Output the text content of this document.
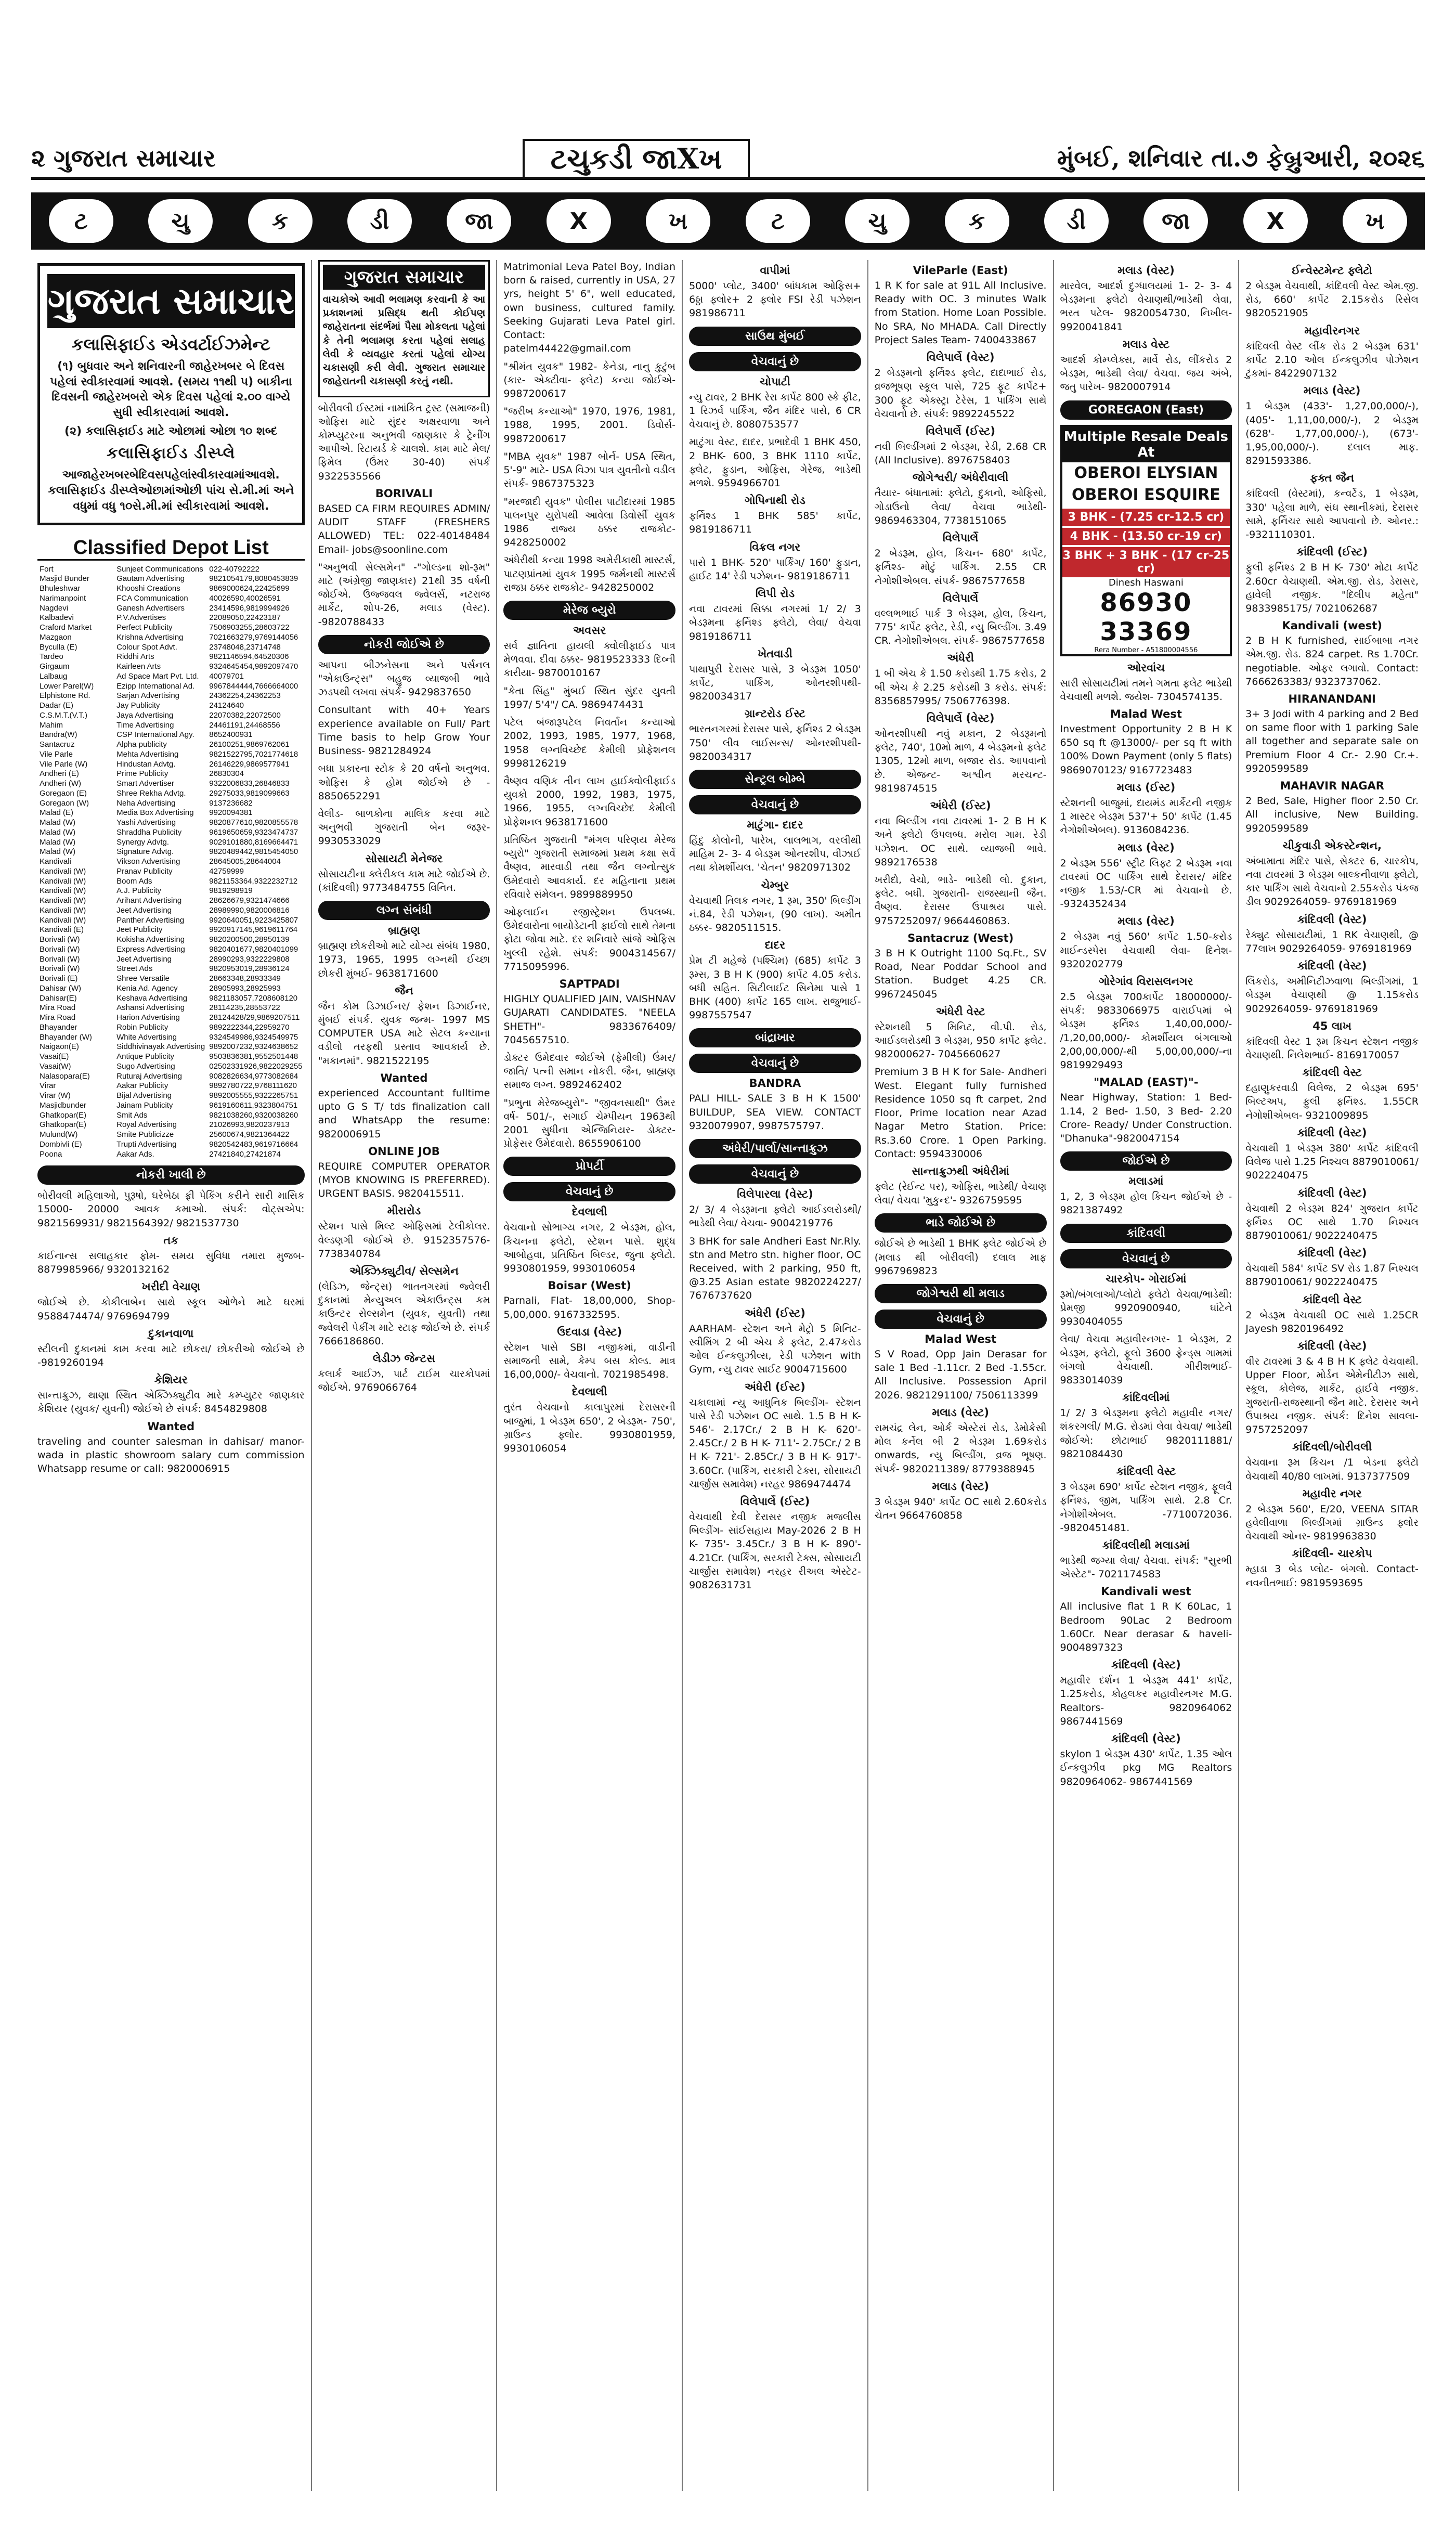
૨ ગુજરાત સમાચાર	ટચુકડી જાXખ	મુંબઈ, શનિવાર તા.૭ ફેબ્રુઆરી, ૨૦૨૬
ટ	ચુ	ક	ડી	જા	X	ખ	ટ	ચુ	ક	ડી	જા	X	ખ
ગુજરાત સમાચાર
કલાસિફાઈડ એડવર્ટાઈઝમેન્ટ
(૧) બુધવાર અને શનિવારની જાહેરખબર બે દિવસ પહેલાં સ્વીકારવામાં આવશે. (સમય ૧૧થી ૫) બાકીના દિવસની જાહેરખબરો એક દિવસ પહેલાં ૨.૦૦ વાગ્યે સુધી સ્વીકારવામાં આવશે.
(૨) કલાસિફાઈડ માટે ઓછામાં ઓછા ૧૦ શબ્દ
કલાસિફાઈડ ડીસ્પ્લે
આજાહેરખબરબેદિવસપહેલાંસ્વીકારવામાંઆવશે. કલાસિફાઈડ ડીસ્પ્લેઓછામાંઓછી પાંચ સે.મી.માં અને વધુમાં વધુ ૧૦સે.મી.માં સ્વીકારવામાં આવશે.
Classified Depot List
Fort	Sunjeet Communications	022-40792222
Masjid Bunder	Gautam Advertising	9821054179,8080453839
Bhuleshwar	Khooshi Creations	9869000624,22425699
Narimanpoint	FCA Communication	40026590,40026591
Nagdevi	Ganesh Advertisers	23414596,9819994926
Kalbadevi	P.V.Advertises	22089050,22423187
Craford Market	Perfect Publicity	7506903255,28603722
Mazgaon	Krishna Advertising	7021663279,9769144056
Byculla (E)	Colour Spot Advt.	23748048,23714748
Tardeo	Riddhi Arts	9821146594,64520306
Girgaum	Kairleen Arts	9324645454,9892097470
Lalbaug	Ad Space Mart Pvt. Ltd.	40079701
Lower Parel(W)	Ezipp International Ad.	9967844444,7666664000
Elphistone Rd.	Sarjan Advertising	24362254,24362253
Dadar (E)	Jay Publicity	24124640
C.S.M.T.(V.T.)	Jaya Advertising	22070382,22072500
Mahim	Time Advertising	24461191,24468556
Bandra(W)	CSP International Agy.	8652400931
Santacruz	Alpha publicity	26100251,9869762061
Vile Parle	Mehta Advertising	9821522795,7021774618
Vile Parle (W)	Hindustan Advtg.	26146229,9869577941
Andheri (E)	Prime Publicity	26830304
Andheri (W)	Smart Advertiser	9322006833,26846833
Goregaon (E)	Shree Rekha Advtg.	29275033,9819099663
Goregaon (W)	Neha Advertising	9137236682
Malad (E)	Media Box Advertising	9920094381
Malad (W)	Yashi Advertising	9820877610,9820855578
Malad (W)	Shraddha Publicity	9619650659,9323474737
Malad (W)	Synergy Advtg.	9029101880,8169664471
Malad (W)	Signature Advtg.	9820489442,9815454050
Kandivali	Vikson Advertising	28645005,28644004
Kandivali (W)	Pranav Publicity	42759999
Kandivali (W)	Boom Ads	9821153364,9322232712
Kandivali (W)	A.J. Publicity	9819298919
Kandivali (W)	Arihant Advertising	28626679,9321474666
Kandivali (W)	Jeet Advertising	28989990,9820006816
Kandivali (W)	Panther Advertising	9920640051,9223425807
Kandivali (E)	Jeet Publicity	9920917145,9619611764
Borivali (W)	Kokisha Advertising	9820200500,28950139
Borivali (W)	Express Advertising	9820401677,9820401099
Borivali (W)	Jeet Advertising	28990293,9322229808
Borivali (W)	Street Ads	9820953019,28936124
Borivali (E)	Shree Versatile	28663348,28933349
Dahisar (W)	Kenia Ad. Agency	28905993,28925993
Dahisar(E)	Keshava Advertising	9821183057,7208608120
Mira Road	Ashansi Advertising	28114235,28553722
Mira Road	Harion Advertising	28124428/29,9869207511
Bhayander	Robin Publicity	9892222344,22959270
Bhayander (W)	White Advertising	9324549986,9324549975
Naigaon(E)	Siddhivinayak Advertising	9892007232,9324638652
Vasai(E)	Antique Publicity	9503836381,9552501448
Vasai(W)	Sugo Advertising	02502331926,9822029255
Nalasopara(E)	Ruturaj Advertising	9082826634,9773082684
Virar	Aakar Publicity	9892780722,9768111620
Virar (W)	Bijal Advertising	9892005555,9322265751
Masjidbunder	Jainam Publicity	9619160611,9323804751
Ghatkopar(E)	Smit Ads	9821038260,9320038260
Ghatkopar(E)	Royal Advertising	21026993,9820237913
Mulund(W)	Smite Publicizze	25600674,9821364422
Dombivli (E)	Trupti Advertising	9820542483,9619716664
Poona	Aakar Ads.	27421840,27421874
નોકરી ખાલી છે
બોરીવલી મહિલાઓ, પુરૂષો, ઘરેબેઠા ફ્રી પેકિંગ કરીને સારી માસિક 15000- 20000 આવક કમાઓ. સંપર્ક: વોટ્સએપ: 9821569931/ 9821564392/ 9821537730
તક
કાઈનાન્સ સલાહકાર ફોમ- સમય સુવિધા તમારા મુજબ- 8879985966/ 9320132162
ખરીદી વેચાણ
જોઈએ છે. કોકીલાબેન સાથે સ્કૂલ ઓળેને માટે ઘરમાં 9588474474/ 9769694799
દુકાનવાળા
સ્ટીલની દુકાનમાં કામ કરવા માટે છોકરા/ છોકરીઓ જોઈએ છે -9819260194
કેશિયર
સાન્તાક્રુઝ, થાણા સ્થિત એક્ઝિક્યુટીવ મારે કમ્પ્યુટર જાણકાર કેશિયર (યુવક/ યુવતી) જોઈએ છે સંપર્ક: 8454829808
Wanted
traveling and counter salesman in dahisar/ manor-wada in plastic showroom salary cum commission Whatsapp resume or call: 9820006915
ગુજરાત સમાચાર
વાચકોએ આવી ભલામણ કરવાની કે આ પ્રકાશનમાં પ્રસિદ્ધ થતી કોઈપણ જાહેરાતના સંદર્ભમાં પૈસા મોકલતા પહેલાં કે તેની ભલામણ કરતા પહેલાં સલાહ લેવી કે વ્યવહાર કરતાં પહેલાં યોગ્ય ચકાસણી કરી લેવી. ગુજરાત સમાચાર જાહેરાતની ચકાસણી કરતું નથી.
બોરીવલી ઈસ્ટમાં નામાંકિત ટ્રસ્ટ (સમાજની) ઓફિસ માટે સુંદર અક્ષરવાળા અને કોમ્પ્યુટરના અનુભવી જાણકાર કે ટ્રેનીંગ આપીએ. રિટાયર્ડ કે ચાલશે. કામ માટે મેલ/ ફિમેલ (ઉંમર 30-40) સંપર્ક 9322535566
BORIVALI
BASED CA FIRM REQUIRES ADMIN/ AUDIT STAFF (FRESHERS ALLOWED) TEL: 022-40148484 Email- jobs@soonline.com
"અનુભવી સેલ્સમેન" -"ગોલ્ડના શો-રૂમ" માટે (અંગ્રેજી જાણકાર) 21થી 35 વર્ષની જોઈએ. ઉજ્જવલ જ્વેલર્સ, નટરાજ માર્કેટ, શોપ-26, મલાડ (વેસ્ટ). -9820788433
નોકરી જોઈએ છે
આપના બીઝનેસના અને પર્સનલ "એકાઉન્ટ્સ" બહુજ વ્યાજબી ભાવે ઝડપથી લખવા સંપર્ક- 9429837650
Consultant with 40+ Years experience available on Full/ Part Time basis to help Grow Your Business- 9821284924
બધા પ્રકારના સ્ટોક કે 20 વર્ષનો અનુભવ. ઓફિસ કે હોમ જોઈએ છે - 8850652291
વેલીડ- બાળકોના માલિક કરવા માટે અનુભવી ગુજરાતી બેન જરૂર- 9930533029
સોસાયટી મેનેજર
સોસાયટીના ક્લેરીકલ કામ માટે જોઈએ છે. (કાંદિવલી) 9773484755 વિનિત.
લગ્ન સંબંધી
બ્રાહ્મણ
બ્રાહ્મણ છોકરીઓ માટે યોગ્ય સંબંધ 1980, 1973, 1965, 1995 લગ્નથી ઈચ્છા છોકરી મુંબઈ- 9638171600
જૈન
જૈન કોમ ડિઝાઈનર/ ફેશન ડિઝાઈનર, મુંબઈ સંપર્ક. યુવક જન્મ- 1997 MS COMPUTER USA માટે સેટલ કન્યાના વડીલો તરફથી પ્રસ્તાવ આવકાર્ય છે. "મકાનમાં". 9821522195
Wanted
experienced Accountant fulltime upto G S T/ tds finalization call and WhatsApp the resume: 9820006915
ONLINE JOB
REQUIRE COMPUTER OPERATOR (MYOB KNOWING IS PREFERRED). URGENT BASIS. 9820415511.
મીરારોડ
સ્ટેશન પાસે મિલ્ટ ઓફિસમાં ટેલીકોલર. વેલ્ડણગી જોઈએ છે. 9152357576- 7738340784
એક્ઝિક્યુટીવ/ સેલ્સમેન
(લેડિઝ, જેન્ટ્સ) ભાતનગરમાં જ્વેલરી દુકાનમાં મેન્યુઅલ એકાઉન્ટ્સ કમ કાઉન્ટર સેલ્સમેન (યુવક, યુવતી) તથા જ્વેલરી પેકીંગ માટે સ્ટાફ જોઈએ છે. સંપર્ક 7666186860.
લેડીઝ જેન્ટસ
કલાર્ક આઈઝ, પાર્ટ ટાઈમ ચારકોપમાં જોઈએ. 9769066764
Matrimonial Leva Patel Boy, Indian born & raised, currently in USA, 27 yrs, height 5' 6", well educated, own business, cultured family. Seeking Gujarati Leva Patel girl. Contact: patelm44422@gmail.com
"શ્રીમંત યુવક" 1982- કેનેડા, નાનુ કુટુંબ (કાર- એક્ટીવા- ફ્લેટ) કન્યા જોઈએ- 9987200617
"જરીબ કન્યાઓ" 1970, 1976, 1981, 1988, 1995, 2001. ડિવોર્સ- 9987200617
"MBA યુવક" 1987 બોર્ન- USA સ્થિત, 5'-9" માટે- USA વિઝા પાત્ર યુવતીનો વડીલ સંપર્ક- 9867375323
"મરજાદી યુવક" પોલીસ પાટીદારમાં 1985 પાલનપુર યુરોપથી આવેલા ડિવોર્સી યુવક 1986 રાજ્ય ઠક્કર રાજકોટ- 9428250002
અંધેરીથી કન્યા 1998 અમેરીકાથી માસ્ટર્સ, પાટણપ્રાંતમાં યુવક 1995 જર્મનથી માસ્ટર્સ રાજપ્ર ઠક્કર રાજકોટ- 9428250002
મેરેજ બ્યુરો
અવસર
સર્વ જ્ઞાતિના હાયલી ક્વોલીફાઈડ પાત્ર મેળવવા. દીવા ઠક્કર- 9819523333 દિવ્ની કારીયા- 9870010167
"કેતા સિંહ" મુંબઈ સ્થિત સુંદર યુવતી 1997/ 5'4"/ CA. 9869474431
પટેલ બંજારૂપટેલ નિવર્તાન કન્યાઓ 2002, 1993, 1985, 1977, 1968, 1958 લગ્નવિચ્છેદ કેમીલી પ્રોફેશનલ 9998126219
વૈષ્ણવ વણિક તીન લાખ હાઈક્વોલીફાઈડ યુવકો 2000, 1992, 1983, 1975, 1966, 1955, લગ્નવિચ્છેદ કેમીલી પ્રોફેશનલ 9638171600
પ્રતિષ્ઠિત ગુજરાતી "મંગલ પરિણય મેરેજ બ્યુરો" ગુજરાતી સમાજમાં પ્રથમ કક્ષા સર્વે વૈષ્ણવ, મારવાડી તથા જૈન લગ્નોત્સુક ઉમેદવારો આવકાર્ય. દર મહિનાના પ્રથમ રવિવારે સંમેલન. 9899889950
ઓફલાઈન રજીસ્ટ્રેશન ઉપલબ્ધ. ઉમેદવારોના બાયોડેટાની ફાઈલો સાથે તેમના ફોટા જોવા માટે. દર શનિવારે સાંજે ઓફિસ ખુલ્લી રહેશે. સંપર્ક: 9004314567/ 7715095996.
SAPTPADI
HIGHLY QUALIFIED JAIN, VAISHNAV GUJARATI CANDIDATES. "NEELA SHETH"- 9833676409/ 7045657510.
ડોક્ટર ઉમેદવાર જોઈએ (ફેમીલી) ઉંમર/ જાતિ/ પત્ની સમાન નોકરી. જૈન, બ્રાહ્મણ સમાજ લગ્ન. 9892462402
"પ્રભુતા મેરેજબ્યુરો"- "જીવનસાથી" ઉંમર વર્ષ- 501/-, સગાઈ ચેમ્પીયન 1963થી 2001 સુધીના એન્જિનિયર- ડોક્ટર- પ્રોફેસર ઉમેદવારો. 8655906100
પ્રોપર્ટી
વેચવાનું છે
દેવલાલી
વેચવાનો સોભાગ્ય નગર, 2 બેડરૂમ, હોલ, કિચનના ફ્લેટો, સ્ટેશન પાસે. શુદ્ધ આબોહવા, પ્રતિષ્ઠિત બિલ્ડર, જુના ફ્લેટો. 9930801959, 9930106054
Boisar (West)
Parnali, Flat- 18,00,000, Shop- 5,00,000. 9167332595.
ઉદવાડા (વેસ્ટ)
સ્ટેશન પાસે SBI નજીકમાં, વાડીની સમાજની સામે, કેમ્પ બસ કોલ્ડ. માત્ર 16,00,000/- વેચવાનો. 7021985498.
દેવલાલી
તુરંત વેચવાનો કાલાપુરમાં દેરાસરની બાજુમાં, 1 બેડરૂમ 650', 2 બેડરૂમ- 750', ગ્રાઉન્ડ ફ્લોર. 9930801959, 9930106054
વાપીમાં
5000' પ્લોટ, 3400' બાંધકામ ઓફિસ+ 6ઠ્ઠા ફ્લોર+ 2 ફ્લોર FSI રેડી પઝેશન 981986711
સાઉથ મુંબઈ
વેચવાનું છે
ચોપાટી
ન્યુ ટાવર, 2 BHK રેરા કાર્પેટ 800 સ્કે ફીટ, 1 રિઝર્વ પાર્કિંગ, જૈન મંદિર પાસે, 6 CR વેચવાનું છે. 8080753577
માટુંગા વેસ્ટ, દાદર, પ્રભાદેવી 1 BHK 450, 2 BHK- 600, 3 BHK 1110 કાર્પેટ, ફ્લેટ, ફુડાન, ઓફિસ, ગેરેજ, ભાડેથી મળશે. 9594966701
ગોપિનાથી રોડ
ફર્નિશ્ડ 1 BHK 585' કાર્પેટ, 9819186711
વિક્રલ નગર
પાસે 1 BHK- 520' પાર્કિંગ/ 160' ફુડાન, હાઈટ 14' રેડી પઝેશન- 9819186711
લિપી રોડ
નવા ટાવરમાં સિક્કા નગરમાં 1/ 2/ 3 બેડરૂમના ફર્નિશ્ડ ફ્લેટો, લેવા/ વેચવા 9819186711
ખેતવાડી
પાથાપુરી દેરાસર પાસે, 3 બેડરૂમ 1050' કાર્પેટ, પાર્કિંગ, ઓનરશીપથી- 9820034317
ગ્રાન્ટરોડ ઈસ્ટ
ભારતનગરમાં દેરાસર પાસે, ફર્નિશ્ડ 2 બેડરૂમ 750' લીવ લાઈસન્સ/ ઓનરશીપથી- 9820034317
સેન્ટ્રલ બોમ્બે
વેચવાનું છે
માટુંગા- દાદર
હિંદુ કોલોની, પારેખ, લાલભાગ, વરલીથી માહિમ 2- 3- 4 બેડરૂમ ઓનરશીપ, વીઝાઈ તથા કોમર્શીયલ. 'ચેતન' 9820971302
ચેમ્બુર
વેચવાથી તિલક નગર, 1 રૂમ, 350' બિલ્ડીંગ નં.84, રેડી પઝેશન, (90 લાખ). અમીત ઠક્કર- 9820511515.
દાદર
પ્રેમ ટી મહેજે (પશ્ચિમ) (685) કાર્પેટ 3 રૂમ્સ, 3 B H K (900) કાર્પેટ 4.05 કરોડ. બધી સહિત. સિટીલાઈટ સિનેમા પાસે 1 BHK (400) કાર્પેટ 165 લાખ. રાજુભાઈ- 9987557547
બાંદ્રાખાર
વેચવાનું છે
BANDRA
PALI HILL- SALE 3 B H K 1500' BUILDUP, SEA VIEW. CONTACT 9320079907, 9987575797.
અંધેરી/પાર્લા/સાન્તાક્રુઝ
વેચવાનું છે
વિલેપારલા (વેસ્ટ)
2/ 3/ 4 બેડરૂમના ફ્લેટો આઈડલરોડથી/ ભાડેથી લેવા/ વેચવા- 9004219776
3 BHK for sale Andheri East Nr.Rly. stn and Metro stn. higher floor, OC Received, with 2 parking, 950 ft, @3.25 Asian estate 9820224227/ 7676737620
અંધેરી (ઈસ્ટ)
AARHAM- સ્ટેશન અને મેટ્રો 5 મિનિટ- સ્વીમિંગ 2 બી એચ કે ફ્લેટ, 2.47કરોડ ઓલ ઈન્કલુઝીવ્સ, રેડી પઝેશન with Gym, ન્યુ ટાવર સાઈટ 9004715600
અંધેરી (ઈસ્ટ)
ચકાલામાં ન્યુ આધુનિક બિલ્ડીંગ- સ્ટેશન પાસે રેડી પઝેશન OC સાથે. 1.5 B H K- 546'- 2.17Cr./ 2 B H K- 620'- 2.45Cr./ 2 B H K- 711'- 2.75Cr./ 2 B H K- 721'- 2.85Cr./ 3 B H K- 917'- 3.60Cr. (પાર્કિંગ, સરકારી ટેક્સ, સોસાયટી ચાર્જીસ સમાવેશ) નરહર 9869474474
વિલેપાર્લે (ઈસ્ટ)
વેચવાથી દેવી દેરાસર નજીક મજલીસ બિલ્ડીંગ- સાંઈસહાય May-2026 2 B H K- 735'- 3.45Cr./ 3 B H K- 890'- 4.21Cr. (પાર્કિંગ, સરકારી ટેક્સ, સોસાયટી ચાર્જીસ સમાવેશ) નરહર રીઅલ એસ્ટેટ- 9082631731
VileParle (East)
1 R K for sale at 91L All Inclusive. Ready with OC. 3 minutes Walk from Station. Home Loan Possible. No SRA, No MHADA. Call Directly Project Sales Team- 7400433867
વિલેપાર્લે (વેસ્ટ)
2 બેડરૂમનો ફર્નિશ્ડ ફ્લેટ, દાદાભાઈ રોડ, વ્રજભૂષણ સ્કૂલ પાસે, 725 ફૂટ કાર્પેટ+ 300 ફૂટ એક્સ્ટ્રા ટેરેસ, 1 પાર્કિંગ સાથે વેચવાનો છે. સંપર્ક: 9892245522
વિલેપાર્લે (ઈસ્ટ)
નવી બિલ્ડીંગમાં 2 બેડરૂમ, રેડી, 2.68 CR (All Inclusive). 8976758403
જોગેશ્વરી/ અંધેરીવાલી
તૈયાર- બંધાતામાં: ફ્લેટો, દુકાનો, ઓફિસો, ગોડાઉનો લેવા/ વેચવા ભાડેથી- 9869463304, 7738151065
વિલેપાર્લે
2 બેડરૂમ, હોલ, કિચન- 680' કાર્પેટ, ફર્નિશ્ડ- મોટું પાર્કિંગ. 2.55 CR નેગોશીએબલ. સંપર્ક- 9867577658
વિલેપાર્લે
વલ્લભભાઈ પાર્ક 3 બેડરૂમ, હોલ, કિચન, 775' કાર્પેટ ફ્લેટ, રેડી, ન્યુ બિલ્ડીંગ. 3.49 CR. નેગોશીએબલ. સંપર્ક- 9867577658
અંધેરી
1 બી એચ કે 1.50 કરોડથી 1.75 કરોડ, 2 બી એચ કે 2.25 કરોડથી 3 કરોડ. સંપર્ક: 8356857995/ 7506776398.
વિલેપાર્લે (વેસ્ટ)
ઓનરશીપથી નવું મકાન, 2 બેડરૂમનો ફ્લેટ, 740', 10મો માળ, 4 બેડરૂમનો ફ્લેટ 1305, 12મો માળ, બજાર રોડ. આપવાનો છે. એજન્ટ- અશ્વીન મરચન્ટ- 9819874515
અંધેરી (ઈસ્ટ)
નવા બિલ્ડીંગ નવા ટાવરમાં 1- 2 B H K અને ફ્લેટો ઉપલબ્ધ. મરોલ ગામ. રેડી પઝેશન. OC સાથે. વ્યાજબી ભાવે. 9892176538
ખરીદો, વેચો, ભાડે- ભાડેથી લો. દુકાન, ફ્લેટ. બધી. ગુજરાતી- રાજસ્થાની જૈન. વૈષ્ણવ. દેરાસર ઉપાશ્રય પાસે. 9757252097/ 9664460863.
Santacruz (West)
3 B H K Outright 1100 Sq.Ft., SV Road, Near Poddar School and Station. Budget 4.25 CR. 9967245045
અંધેરી વેસ્ટ
સ્ટેશનથી 5 મિનિટ, વી.પી. રોડ, આઈડલરોડથી 3 બેડરૂમ, 950 કાર્પેટ ફ્લેટ. 982000627- 7045660627
Premium 3 B H K for Sale- Andheri West. Elegant fully furnished Residence 1050 sq ft carpet, 2nd Floor, Prime location near Azad Nagar Metro Station. Price: Rs.3.60 Crore. 1 Open Parking. Contact: 9594330006
સાન્તાક્રુઝથી અંધેરીમાં
ફ્લેટ (રેઈન્ટ પર), ઓફિસ, ભાડેથી/ વેચાણ લેવા/ વેચવા 'મુકુન્દ'- 9326759595
ભાડે જોઈએ છે
જોઈએ છે ભાડેથી 1 BHK ફ્લેટ જોઈએ છે (મલાડ થી બોરીવલી) દલાલ માફ 9967969823
જોગેશ્વરી થી મલાડ
વેચવાનું છે
Malad West
S V Road, Opp Jain Derasar for sale 1 Bed -1.11cr. 2 Bed -1.55cr. All Inclusive. Possession April 2026. 9821291100/ 7506113399
મલાડ (વેસ્ટ)
રામચંદ્ર લેન, ઓર્ક એસ્ટેરાં રોડ, ડેમોક્રેસી મોલ કર્નેલ બી 2 બેડરૂમ 1.69કરોડ onwards, ન્યુ બિલ્ડીંગ, વ્રજ ભૂષણ. સંપર્ક- 9820211389/ 8779388945
મલાડ (વેસ્ટ)
3 બેડરૂમ 940' કાર્પેટ OC સાથે 2.60કરોડ ચેતન 9664760858
મલાડ (વેસ્ટ)
મારવેલ, આદર્શ દુગ્ધાલયમાં 1- 2- 3- 4 બેડરૂમના ફ્લેટો વેચાણથી/ભાડેથી લેવા, ભરત પટેલ- 9820054730, નિખીલ- 9920041841
મલાડ વેસ્ટ
આદર્શ કોમ્પ્લેક્સ, માર્વે રોડ, લીંકરોડ 2 બેડરૂમ, ભાડેથી લેવા/ વેચવા. જય અંબે, જતુ પારેખ- 9820007914
GOREGAON (East)
Multiple Resale Deals At
OBEROI ELYSIAN
OBEROI ESQUIRE
3 BHK - (7.25 cr-12.5 cr)
4 BHK - (13.50 cr-19 cr)
3 BHK + 3 BHK - (17 cr-25 cr)
Dinesh Haswani
86930 33369
Rera Number - A51800004556
ઓરવાંચ
સારી સોસાયટીમાં તમને ગમતા ફ્લેટ ભાડેથી વેચવાથી મળશે. જયેશ- 7304574135.
Malad West
Investment Opportunity 2 B H K 650 sq ft @13000/- per sq ft with 100% Down Payment (only 5 flats) 9869070123/ 9167723483
મલાડ (ઈસ્ટ)
સ્ટેશનની બાજુમાં, દાયમંડ માર્કેટની નજીક 1 માસ્ટર બેડરૂમ 537'+ 50' કાર્પેટ (1.45 નેગોશીએબલ). 9136084236.
મલાડ (વેસ્ટ)
2 બેડરૂમ 556' સ્ટ્રીટ લિફ્ટ 2 બેડરૂમ નવા ટાવરમાં OC પાર્કિંગ સાથે દેરાસર/ મંદિર નજીક 1.53/-CR માં વેચવાનો છે. -9324352434
મલાડ (વેસ્ટ)
2 બેડરૂમ નવું 560' કાર્પેટ 1.50-કરોડ માઈન્ડસ્પેસ વેચવાથી લેવા- દિનેશ- 9320202779
ગોરેગાંવ વિરાસલનગર
2.5 બેડરૂમ 700કાર્પેટ 18000000/- સંપર્ક: 9833066975 વારાઈપમાં બે બેડરૂમ ફર્નિશ્ડ 1,40,00,000/- /1,20,00,000/- કોમર્શીયલ બંગલાઓ 2,00,00,000/-થી 5,00,00,000/-ના 9819929493
"MALAD (EAST)"-
Near Highway, Station: 1 Bed- 1.14, 2 Bed- 1.50, 3 Bed- 2.20 Crore- Ready/ Under Construction. "Dhanuka"-9820047154
જોઈએ છે
મલાડમાં
1, 2, 3 બેડરૂમ હોલ કિચન જોઈએ છે - 9821387492
કાંદિવલી
વેચવાનું છે
ચારકોપ- ગોરાઈમાં
રૂમો/બંગલાઓ/પ્લોટો ફ્લેટો વેચવા/ભાડેથી: પ્રેમજી 9920900940, ઘાંટેને 9930404055
લેવા/ વેચવા મહાવીરનગર- 1 બેડરૂમ, 2 બેડરૂમ, ફ્લેટો, ફૂલો 3600 ફ્રેન્ડ્સ ગામમાં બંગલો વેચવાથી. ગીરીશભાઈ- 9833014039
કાંદિવલીમાં
1/ 2/ 3 બેડરૂમના ફ્લેટો મહાવીર નગર/ શંકરગલી/ M.G. રોડમાં લેવા વેચવા/ ભાડેથી જોઈએ: છોટાભાઈ 9820111881/ 9821084430
કાંદિવલી વેસ્ટ
3 બેડરૂમ 690' કાર્પેટ સ્ટેશન નજીક, ફૂલવૈ ફર્નિશ્ડ, જીમ, પાર્કિંગ સાથે. 2.8 Cr. નેગોશીએબલ. -7710072036. -9820451481.
કાંદિવલીથી મલાડમાં
ભાડેથી જગ્યા લેવા/ વેચવા. સંપર્ક: "સુરભી એસ્ટેટ"- 7021174583
Kandivali west
All inclusive flat 1 R K 60Lac, 1 Bedroom 90Lac 2 Bedroom 1.60Cr. Near derasar & haveli- 9004897323
કાંદિવલી (વેસ્ટ)
મહાવીર દર્શન 1 બેડરૂમ 441' કાર્પેટ, 1.25કરોડ, કોહલકર મહાવીરનગર M.G. Realtors- 9820964062 9867441569
કાંદિવલી (વેસ્ટ)
skylon 1 બેડરૂમ 430' કાર્પેટ, 1.35 ઓલ ઈન્કલુઝીવ pkg MG Realtors 9820964062- 9867441569
ઈન્વેસ્ટમેન્ટ ફ્લેટો
2 બેડરૂમ વેચવાથી, કાંદિવલી વેસ્ટ એમ.જી. રોડ, 660' કાર્પેટ 2.15કરોડ રિસેલ 9820521905
મહાવીરનગર
કાંદિવલી વેસ્ટ લીંક રોડ 2 બેડરૂમ 631' કાર્પેટ 2.10 ઓલ ઈન્કલુઝીવ પોઝેશન ટુંકમાં- 8422907132
મલાડ (વેસ્ટ)
1 બેડરૂમ (433'- 1,27,00,000/-), (405'- 1,11,00,000/-), 2 બેડરૂમ (628'- 1,77,00,000/-), (673'- 1,95,00,000/-). દલાલ માફ. 8291593386.
ફક્ત જૈન
કાંદિવલી (વેસ્ટમાં), કન્વર્ટેડ, 1 બેડરૂમ, 330' પહેલા માળે, સંઘ સ્થાનીકમાં, દેરાસર સામે, ફર્નિચર સાથે આપવાનો છે. ઓનર.: -9321110301.
કાંદિવલી (ઈસ્ટ)
ફુલી ફર્નિશ્ડ 2 B H K- 730' મોટા કાર્પેટ 2.60cr વેચાણથી. એમ.જી. રોડ, ડેરાસર, હાવેલી નજીક. "દિલીપ મહેતા" 9833985175/ 7021062687
Kandivali (west)
2 B H K furnished, સાઈબાબા નગર એમ.જી. રોડ. 824 carpet. Rs 1.70Cr. negotiable. ઓફર લગાવો. Contact: 7666263383/ 9323737062.
HIRANANDANI
3+ 3 Jodi with 4 parking and 2 Bed on same floor with 1 parking Sale all together and separate sale on Premium Floor 4 Cr.- 2.90 Cr.+. 9920599589
MAHAVIR NAGAR
2 Bed, Sale, Higher floor 2.50 Cr. All inclusive, New Building. 9920599589
ચીકુવાડી એકસ્ટેન્શન,
અંબામાતા મંદિર પાસે, સેક્ટર 6, ચારકોપ, નવા ટાવરમાં 3 બેડરૂમ બાલ્કનીવાળા ફ્લેટો, કાર પાર્કિંગ સાથે વેચવાનો 2.55કરોડ પંકજ ડીલ 9029264059- 9769181969
કાંદિવલી (વેસ્ટ)
રેક્યુટ સોસાયટીમાં, 1 RK વેચાણથી, @ 77લાખ 9029264059- 9769181969
કાંદિવલી (વેસ્ટ)
લિંકરોડ, અમીનિટીઝવાળા બિલ્ડીંગમાં, 1 બેડરૂમ વેચાણથી @ 1.15કરોડ 9029264059- 9769181969
45 લાખ
કાંદિવલી વેસ્ટ 1 રૂમ કિચન સ્ટેશન નજીક વેચાણથી. નિલેશભાઈ- 8169170057
કાંદિવલી વેસ્ટ
દહાણુકરવાડી વિલેજ, 2 બેડરૂમ 695' બિલ્ટઅપ, ફુલી ફર્નિશ્ડ. 1.55CR નેગોશીએબલ- 9321009895
કાંદિવલી (વેસ્ટ)
વેચવાથી 1 બેડરૂમ 380' કાર્પેટ કાંદિવલી વિલેજ પાસે 1.25 નિશ્ચલ 8879010061/ 9022240475
કાંદિવલી (વેસ્ટ)
વેચવાથી 2 બેડરૂમ 824' ગુજરાત કાર્પેટ ફર્નિશ્ડ OC સાથે 1.70 નિશ્ચલ 8879010061/ 9022240475
કાંદિવલી (વેસ્ટ)
વેચવાથી 584' કાર્પેટ SV રોડ 1.87 નિશ્ચલ 8879010061/ 9022240475
કાંદિવલી વેસ્ટ
2 બેડરૂમ વેચવાથી OC સાથે 1.25CR Jayesh 9820196492
કાંદિવલી (વેસ્ટ)
વીર ટાવરમાં 3 & 4 B H K ફ્લેટ વેચવાથી. Upper Floor, મોર્ડન એમેનીટીઝ સાથે, સ્કૂલ, કોલેજ, માર્કેટ, હાઈવે નજીક. ગુજરાતી-રાજસ્થાની જૈન માટે. દેરાસર અને ઉપાશ્રય નજીક. સંપર્ક: દિનેશ સાવલા- 9757252097
કાંદિવલી/બોરીવલી
વેચવાના રૂમ કિચન /1 બેડના ફ્લેટો વેચવાથી 40/80 લાખમાં. 9137377509
મહાવીર નગર
2 બેડરૂમ 560', E/20, VEENA SITAR હવેલીવાળા બિલ્ડીંગમાં ગ્રાઉન્ડ ફ્લોર વેચવાથી ઓનર- 9819963830
કાંદિવલી- ચારકોપ
મ્હાડા 3 બેડ પ્લોટ- બંગલો. Contact- નવનીતભાઈ: 9819593695
